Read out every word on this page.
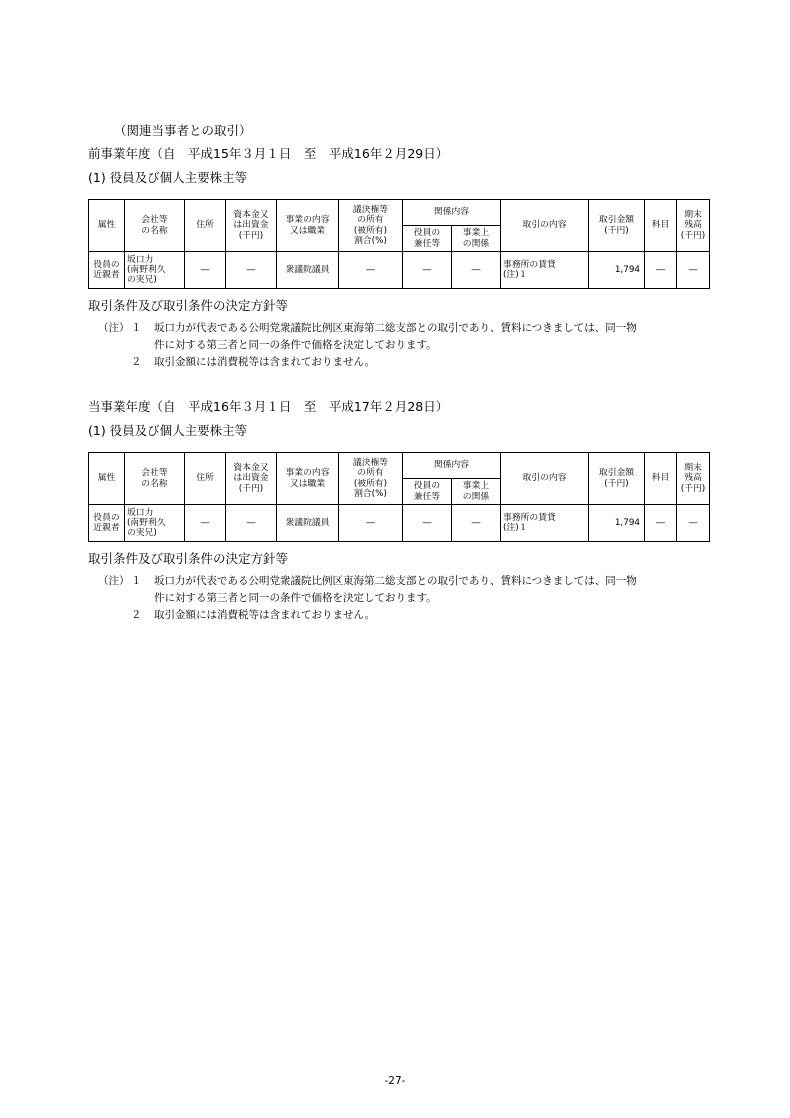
（関連当事者との取引）
前事業年度（自　平成15年３月１日　至　平成16年２月29日）
(1) 役員及び個人主要株主等
属性	会社等
の名称	住所	資本金又
は出資金
(千円)	事業の内容
又は職業	議決権等
の所有
(被所有)
割合(%)	関係内容		取引の内容	取引金額
(千円)	科目	期末
残高
(千円)
						役員の
兼任等	事業上
の関係				
役員の
近親者	坂口力
(南野利久
の実兄)	―	―	衆議院議員	―	―	―	事務所の賃貸
(注)１	1,794	―	―
取引条件及び取引条件の決定方針等
（注） １ 坂口力が代表である公明党衆議院比例区東海第二総支部との取引であり、賃料につきましては、同一物
件に対する第三者と同一の条件で価格を決定しております。
２ 取引金額には消費税等は含まれておりません。
当事業年度（自　平成16年３月１日　至　平成17年２月28日）
(1) 役員及び個人主要株主等
属性	会社等
の名称	住所	資本金又
は出資金
(千円)	事業の内容
又は職業	議決権等
の所有
(被所有)
割合(%)	関係内容		取引の内容	取引金額
(千円)	科目	期末
残高
(千円)
						役員の
兼任等	事業上
の関係				
役員の
近親者	坂口力
(南野利久
の実兄)	―	―	衆議院議員	―	―	―	事務所の賃貸
(注)１	1,794	―	―
取引条件及び取引条件の決定方針等
（注） １ 坂口力が代表である公明党衆議院比例区東海第二総支部との取引であり、賃料につきましては、同一物
件に対する第三者と同一の条件で価格を決定しております。
２ 取引金額には消費税等は含まれておりません。
-27-
